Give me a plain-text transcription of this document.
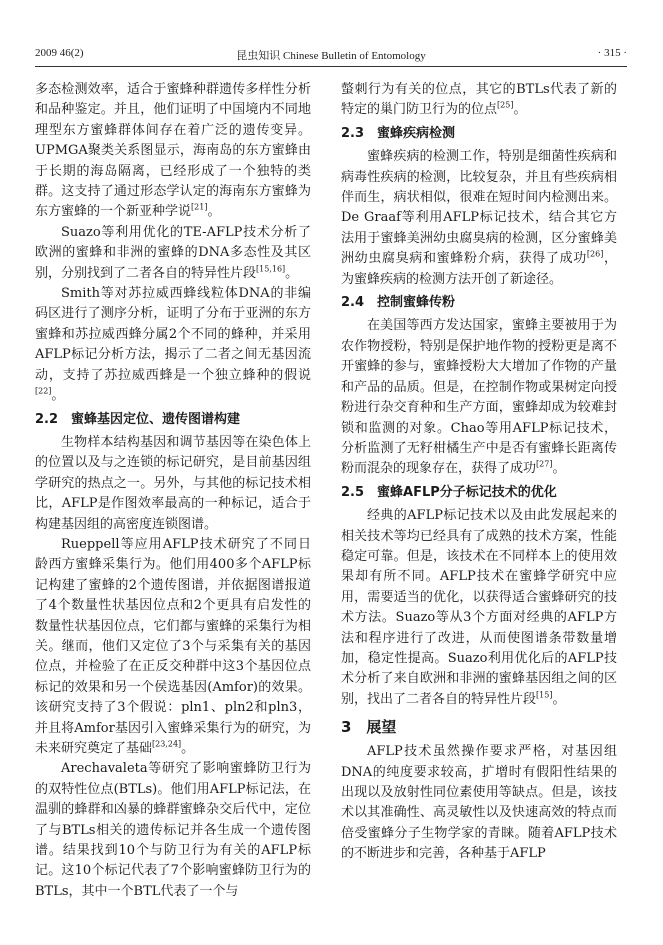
2009 46(2)	昆虫知识 Chinese Bulletin of Entomology	· 315 ·

多态检测效率，适合于蜜蜂种群遗传多样性分析和品种鉴定。并且，他们证明了中国境内不同地理型东方蜜蜂群体间存在着广泛的遗传变异。UPMGA聚类关系图显示，海南岛的东方蜜蜂由于长期的海岛隔离，已经形成了一个独特的类群。这支持了通过形态学认定的海南东方蜜蜂为东方蜜蜂的一个新亚种学说[21]。

Suazo等利用优化的TE-AFLP技术分析了欧洲的蜜蜂和非洲的蜜蜂的DNA多态性及其区别，分别找到了二者各自的特异性片段[15,16]。

Smith等对苏拉威西蜂线粒体DNA的非编码区进行了测序分析，证明了分布于亚洲的东方蜜蜂和苏拉威西蜂分属2个不同的蜂种，并采用AFLP标记分析方法，揭示了二者之间无基因流动，支持了苏拉威西蜂是一个独立蜂种的假说[22]。

2.2　蜜蜂基因定位、遗传图谱构建

生物样本结构基因和调节基因等在染色体上的位置以及与之连锁的标记研究，是目前基因组学研究的热点之一。另外，与其他的标记技术相比，AFLP是作图效率最高的一种标记，适合于构建基因组的高密度连锁图谱。

Rueppell等应用AFLP技术研究了不同日龄西方蜜蜂采集行为。他们用400多个AFLP标记构建了蜜蜂的2个遗传图谱，并依据图谱报道了4个数量性状基因位点和2个更具有启发性的数量性状基因位点，它们都与蜜蜂的采集行为相关。继而，他们又定位了3个与采集有关的基因位点，并检验了在正反交种群中这3个基因位点标记的效果和另一个侯选基因(Amfor)的效果。该研究支持了3个假说：pln1、pln2和pln3，并且将Amfor基因引入蜜蜂采集行为的研究，为未来研究奠定了基础[23,24]。

Arechavaleta等研究了影响蜜蜂防卫行为的双特性位点(BTLs)。他们用AFLP标记法，在温驯的蜂群和凶暴的蜂群蜜蜂杂交后代中，定位了与BTLs相关的遗传标记并各生成一个遗传图谱。结果找到10个与防卫行为有关的AFLP标记。这10个标记代表了7个影响蜜蜂防卫行为的BTLs，其中一个BTL代表了一个与

螫刺行为有关的位点，其它的BTLs代表了新的特定的巢门防卫行为的位点[25]。

2.3　蜜蜂疾病检测

蜜蜂疾病的检测工作，特别是细菌性疾病和病毒性疾病的检测，比较复杂，并且有些疾病相伴而生，病状相似，很难在短时间内检测出来。De Graaf等利用AFLP标记技术，结合其它方法用于蜜蜂美洲幼虫腐臭病的检测，区分蜜蜂美洲幼虫腐臭病和蜜蜂粉介病，获得了成功[26]，为蜜蜂疾病的检测方法开创了新途径。

2.4　控制蜜蜂传粉

在美国等西方发达国家，蜜蜂主要被用于为农作物授粉，特别是保护地作物的授粉更是离不开蜜蜂的参与，蜜蜂授粉大大增加了作物的产量和产品的品质。但是，在控制作物或果树定向授粉进行杂交育种和生产方面，蜜蜂却成为较难封锁和监测的对象。Chao等用AFLP标记技术，分析监测了无籽柑橘生产中是否有蜜蜂长距离传粉而混杂的现象存在，获得了成功[27]。

2.5　蜜蜂AFLP分子标记技术的优化

经典的AFLP标记技术以及由此发展起来的相关技术等均已经具有了成熟的技术方案，性能稳定可靠。但是，该技术在不同样本上的使用效果却有所不同。AFLP技术在蜜蜂学研究中应用，需要适当的优化，以获得适合蜜蜂研究的技术方法。Suazo等从3个方面对经典的AFLP方法和程序进行了改进，从而使图谱条带数量增加，稳定性提高。Suazo利用优化后的AFLP技术分析了来自欧洲和非洲的蜜蜂基因组之间的区别，找出了二者各自的特异性片段[15]。

3　展望

AFLP技术虽然操作要求严格，对基因组DNA的纯度要求较高，扩增时有假阳性结果的出现以及放射性同位素使用等缺点。但是，该技术以其准确性、高灵敏性以及快速高效的特点而倍受蜜蜂分子生物学家的青睐。随着AFLP技术的不断进步和完善，各种基于AFLP
